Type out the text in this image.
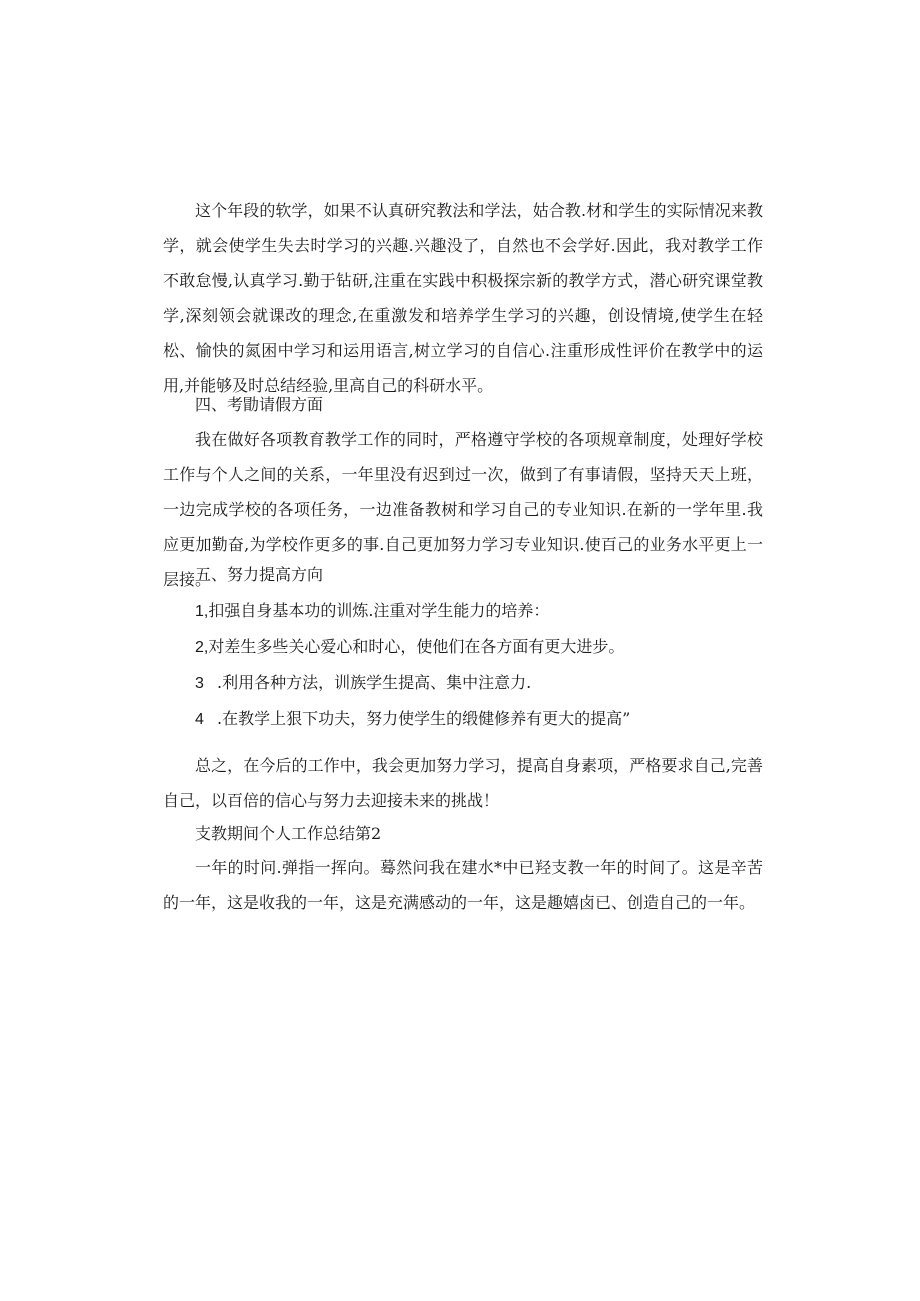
这个年段的软学，如果不认真研究教法和学法，姑合教.材和学生的实际情况来教学，就会使学生失去时学习的兴趣.兴趣没了，自然也不会学好.因此，我对教学工作不敢怠慢,认真学习.勤于钻研,注重在实践中积极探宗新的教学方式，潜心研究课堂教学,深刻领会就课改的理念,在重激发和培养学生学习的兴趣，创设情境,使学生在轻松、愉快的氮困中学习和运用语言,树立学习的自信心.注重形成性评价在教学中的运用,并能够及时总结经验,里高自己的科研水平。
四、考勖请假方面
我在做好各项教育教学工作的同时，严格遵守学校的各项规章制度，处理好学校工作与个人之间的关系，一年里没有迟到过一次，做到了有事请假，坚持天天上班，一边完成学校的各项任务，一边准备教树和学习自己的专业知识.在新的一学年里.我应更加勤奋,为学校作更多的事.自己更加努力学习专业知识.使百己的业务水平更上一层接。
五、努力提高方向
1,扣强自身基本功的训炼.注重对学生能力的培养：
2,对差生多些关心爱心和时心，使他们在各方面有更大进步。
3 .利用各种方法，训族学生提高、集中注意力.
4 .在教学上狠下功夫，努力使学生的缎健修养有更大的提高”
总之，在今后的工作中，我会更加努力学习，提高自身素项，严格要求自己,完善自己，以百倍的信心与努力去迎接未来的挑战！
支教期间个人工作总结第2
一年的时问.弹指一挥向。蓦然问我在建水*中已羟支教一年的时间了。这是辛苦的一年，这是收我的一年，这是充满感动的一年，这是趣嬉卤已、创造自己的一年。
